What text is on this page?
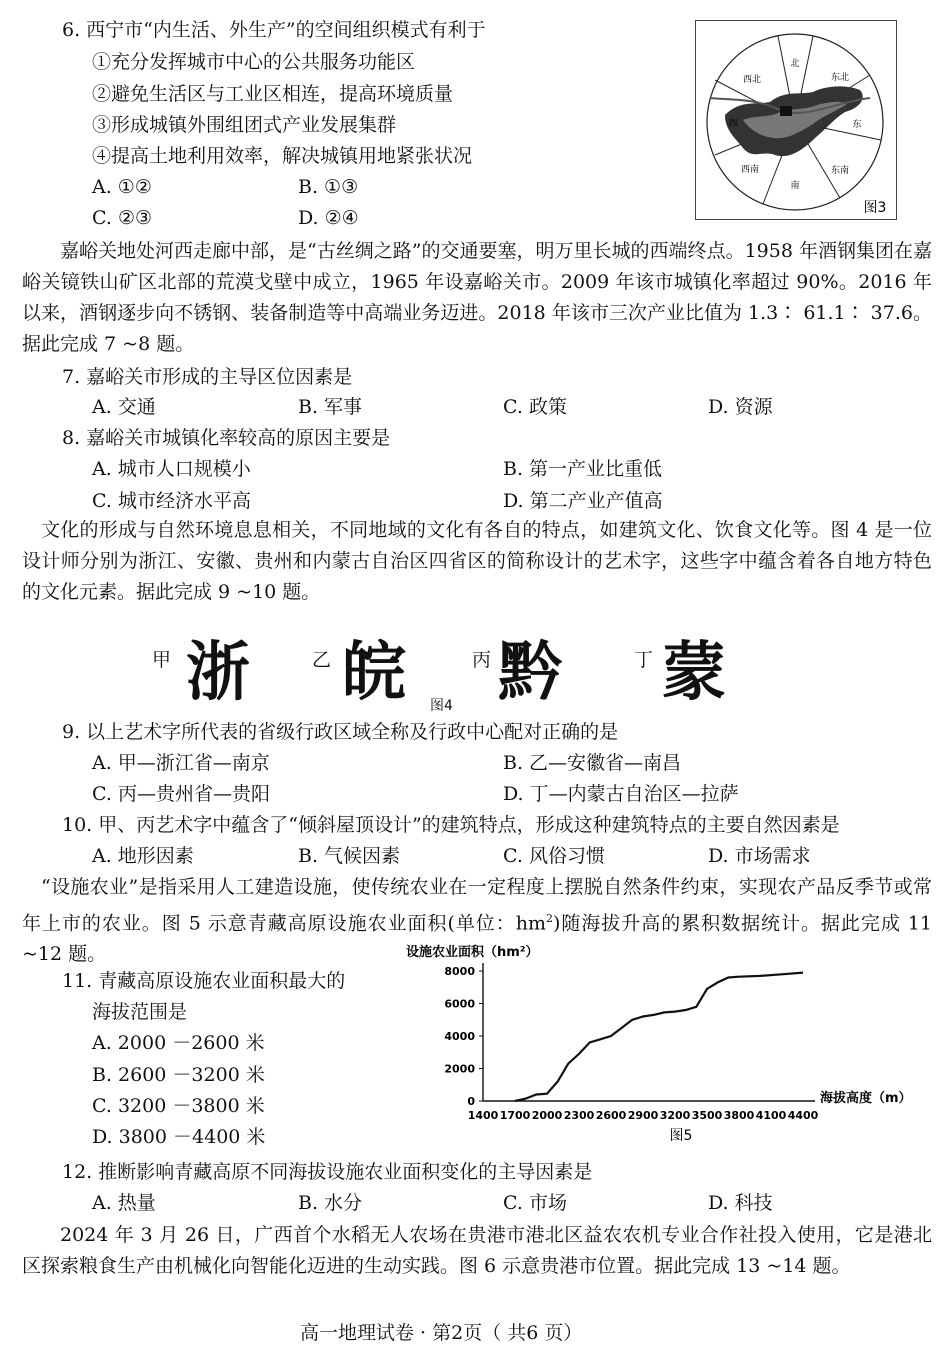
6. 西宁市“内生活、外生产”的空间组织模式有利于
①充分发挥城市中心的公共服务功能区
②避免生活区与工业区相连，提高环境质量
③形成城镇外围组团式产业发展集群
④提高土地利用效率，解决城镇用地紧张状况
A. ①②	B. ①③
C. ②③	D. ②④
北
东北
东
东南
南
西南
西
西北
图3
嘉峪关地处河西走廊中部，是“古丝绸之路”的交通要塞，明万里长城的西端终点。1958 年酒钢集团在嘉峪关镜铁山矿区北部的荒漠戈壁中成立，1965 年设嘉峪关市。2009 年该市城镇化率超过 90%。2016 年以来，酒钢逐步向不锈钢、装备制造等中高端业务迈进。2018 年该市三次产业比值为 1.3∶ 61.1∶ 37.6。据此完成 7 ~8 题。
7. 嘉峪关市形成的主导区位因素是
A. 交通	B. 军事	C. 政策	D. 资源
8. 嘉峪关市城镇化率较高的原因主要是
A. 城市人口规模小	B. 第一产业比重低
C. 城市经济水平高	D. 第二产业产值高
文化的形成与自然环境息息相关，不同地域的文化有各自的特点，如建筑文化、饮食文化等。图 4 是一位设计师分别为浙江、安徽、贵州和内蒙古自治区四省区的简称设计的艺术字，这些字中蕴含着各自地方特色的文化元素。据此完成 9 ~10 题。
甲 浙	乙 皖	丙 黔	丁 蒙
图4
9. 以上艺术字所代表的省级行政区域全称及行政中心配对正确的是
A. 甲—浙江省—南京	B. 乙—安徽省—南昌
C. 丙—贵州省—贵阳	D. 丁—内蒙古自治区—拉萨
10. 甲、丙艺术字中蕴含了“倾斜屋顶设计”的建筑特点，形成这种建筑特点的主要自然因素是
A. 地形因素	B. 气候因素	C. 风俗习惯	D. 市场需求
“设施农业”是指采用人工建造设施，使传统农业在一定程度上摆脱自然条件约束，实现农产品反季节或常年上市的农业。图 5 示意青藏高原设施农业面积(单位：$hm^2$)随海拔升高的累积数据统计。据此完成 11 ~12 题。
11. 青藏高原设施农业面积最大的
海拔范围是
A. 2000 －2600 米
B. 2600 －3200 米
C. 3200 －3800 米
D. 3800 －4400 米
设施农业面积（hm²）
海拔高度（m）
图5
1400 1700 2000 2300 2600 2900 3200 3500 3800 4100 4400
0
2000
4000
6000
8000
12. 推断影响青藏高原不同海拔设施农业面积变化的主导因素是
A. 热量	B. 水分	C. 市场	D. 科技
2024 年 3 月 26 日，广西首个水稻无人农场在贵港市港北区益农农机专业合作社投入使用，它是港北区探索粮食生产由机械化向智能化迈进的生动实践。图 6 示意贵港市位置。据此完成 13 ~14 题。
高一地理试卷 · 第2页（ 共6 页）
